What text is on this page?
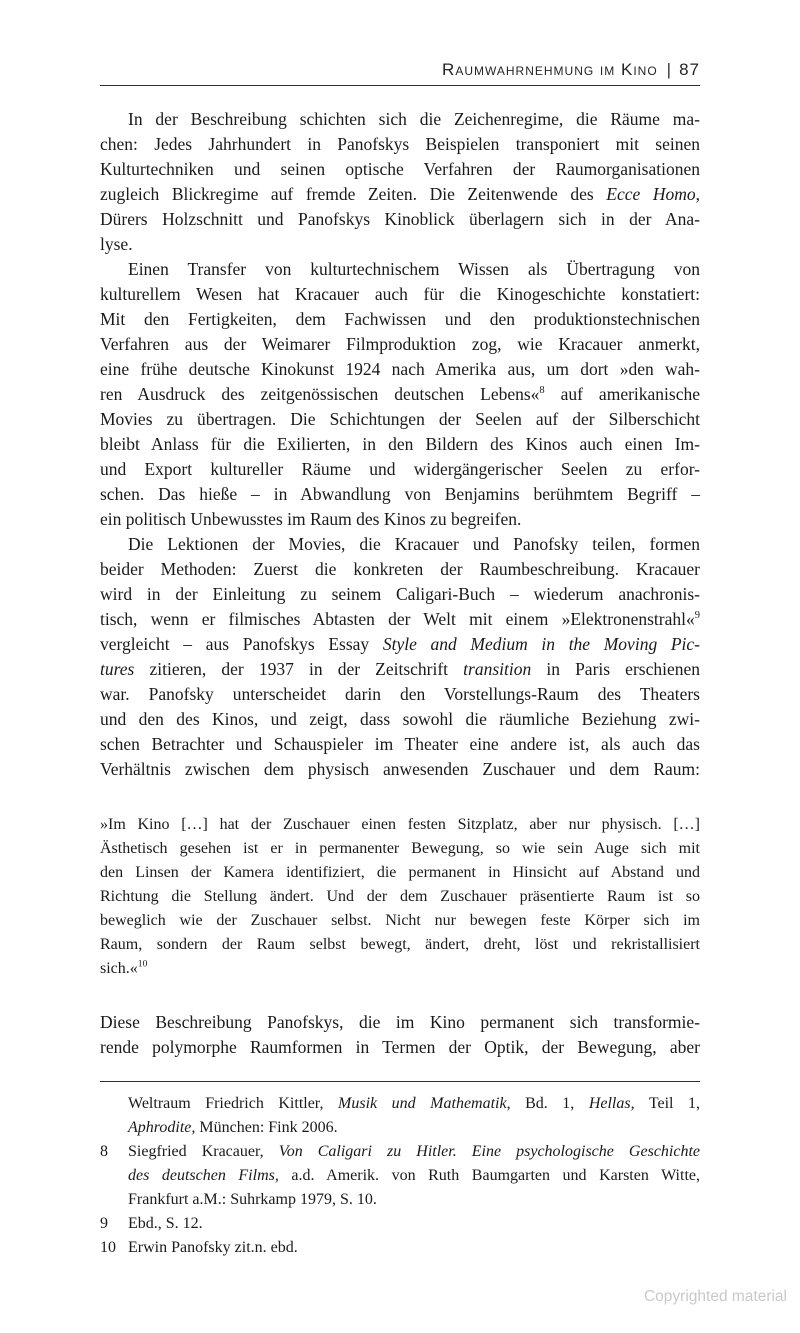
Raumwahrnehmung im Kino | 87
In der Beschreibung schichten sich die Zeichenregime, die Räume ma-
chen: Jedes Jahrhundert in Panofskys Beispielen transponiert mit seinen
Kulturtechniken und seinen optische Verfahren der Raumorganisationen
zugleich Blickregime auf fremde Zeiten. Die Zeitenwende des Ecce Homo,
Dürers Holzschnitt und Panofskys Kinoblick überlagern sich in der Ana-
lyse.
Einen Transfer von kulturtechnischem Wissen als Übertragung von
kulturellem Wesen hat Kracauer auch für die Kinogeschichte konstatiert:
Mit den Fertigkeiten, dem Fachwissen und den produktionstechnischen
Verfahren aus der Weimarer Filmproduktion zog, wie Kracauer anmerkt,
eine frühe deutsche Kinokunst 1924 nach Amerika aus, um dort »den wah-
ren Ausdruck des zeitgenössischen deutschen Lebens«$^8$ auf amerikanische
Movies zu übertragen. Die Schichtungen der Seelen auf der Silberschicht
bleibt Anlass für die Exilierten, in den Bildern des Kinos auch einen Im-
und Export kultureller Räume und widergängerischer Seelen zu erfor-
schen. Das hieße – in Abwandlung von Benjamins berühmtem Begriff –
ein politisch Unbewusstes im Raum des Kinos zu begreifen.
Die Lektionen der Movies, die Kracauer und Panofsky teilen, formen
beider Methoden: Zuerst die konkreten der Raumbeschreibung. Kracauer
wird in der Einleitung zu seinem Caligari-Buch – wiederum anachronis-
tisch, wenn er filmisches Abtasten der Welt mit einem »Elektronenstrahl«$^9$
vergleicht – aus Panofskys Essay Style and Medium in the Moving Pic-
tures zitieren, der 1937 in der Zeitschrift transition in Paris erschienen
war. Panofsky unterscheidet darin den Vorstellungs-Raum des Theaters
und den des Kinos, und zeigt, dass sowohl die räumliche Beziehung zwi-
schen Betrachter und Schauspieler im Theater eine andere ist, als auch das
Verhältnis zwischen dem physisch anwesenden Zuschauer und dem Raum:
»Im Kino […] hat der Zuschauer einen festen Sitzplatz, aber nur physisch. […]
Ästhetisch gesehen ist er in permanenter Bewegung, so wie sein Auge sich mit
den Linsen der Kamera identifiziert, die permanent in Hinsicht auf Abstand und
Richtung die Stellung ändert. Und der dem Zuschauer präsentierte Raum ist so
beweglich wie der Zuschauer selbst. Nicht nur bewegen feste Körper sich im
Raum, sondern der Raum selbst bewegt, ändert, dreht, löst und rekristallisiert
sich.«$^{10}$
Diese Beschreibung Panofskys, die im Kino permanent sich transformie-
rende polymorphe Raumformen in Termen der Optik, der Bewegung, aber
Weltraum Friedrich Kittler, Musik und Mathematik, Bd. 1, Hellas, Teil 1,
Aphrodite, München: Fink 2006.
8 Siegfried Kracauer, Von Caligari zu Hitler. Eine psychologische Geschichte
des deutschen Films, a.d. Amerik. von Ruth Baumgarten und Karsten Witte,
Frankfurt a.M.: Suhrkamp 1979, S. 10.
9 Ebd., S. 12.
10 Erwin Panofsky zit.n. ebd.
Copyrighted material
